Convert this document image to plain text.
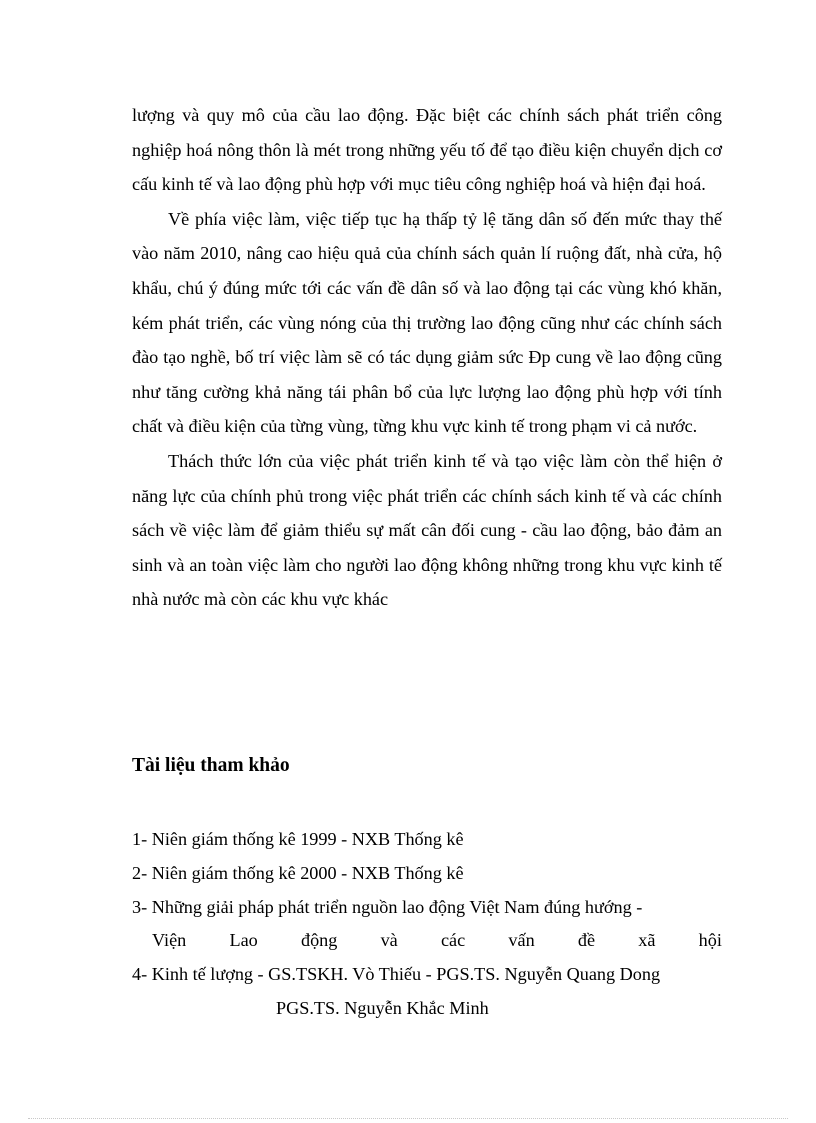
lượng và quy mô của cầu lao động. Đặc biệt các chính sách phát triển công nghiệp hoá nông thôn là mét trong những yếu tố để tạo điều kiện chuyển dịch cơ cấu kinh tế và lao động phù hợp với mục tiêu công nghiệp hoá và hiện đại hoá.

Về phía việc làm, việc tiếp tục hạ thấp tỷ lệ tăng dân số đến mức thay thế vào năm 2010, nâng cao hiệu quả của chính sách quản lí ruộng đất, nhà cửa, hộ khẩu, chú ý đúng mức tới các vấn đề dân số và lao động tại các vùng khó khăn, kém phát triển, các vùng nóng của thị trường lao động cũng như các chính sách đào tạo nghề, bố trí việc làm sẽ có tác dụng giảm sức Ðp cung về lao động cũng như tăng cường khả năng tái phân bổ của lực lượng lao động phù hợp với tính chất và điều kiện của từng vùng, từng khu vực kinh tế trong phạm vi cả nước.

Thách thức lớn của việc phát triển kinh tế và tạo việc làm còn thể hiện ở năng lực của chính phủ trong việc phát triển các chính sách kinh tế và các chính sách về việc làm để giảm thiểu sự mất cân đối cung - cầu lao động, bảo đảm an sinh và an toàn việc làm cho người lao động không những trong khu vực kinh tế nhà nước mà còn các khu vực khác

Tài liệu tham khảo
1- Niên giám thống kê 1999 - NXB Thống kê
2- Niên giám thống kê 2000 - NXB Thống kê
3- Những giải pháp phát triển nguồn lao động Việt Nam đúng hướng -
Viện Lao động và các vấn đề xã hội
4- Kinh tế lượng - GS.TSKH. Vò Thiếu - PGS.TS. Nguyễn Quang Dong
PGS.TS. Nguyễn Khắc Minh
